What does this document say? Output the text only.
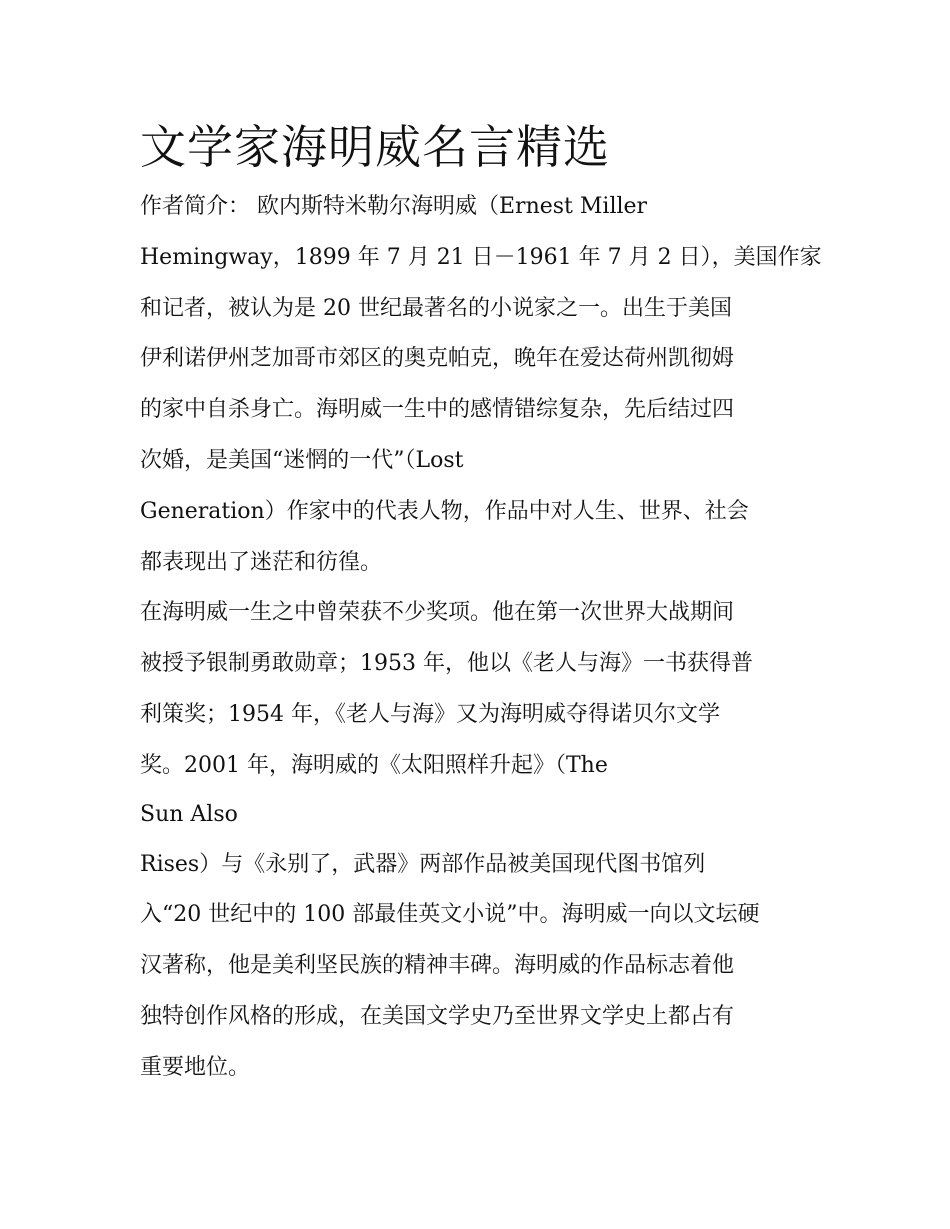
文学家海明威名言精选
作者简介： 欧内斯特米勒尔海明威（Ernest Miller
Hemingway，1899 年 7 月 21 日－1961 年 7 月 2 日），美国作家
和记者，被认为是 20 世纪最著名的小说家之一。出生于美国
伊利诺伊州芝加哥市郊区的奥克帕克，晚年在爱达荷州凯彻姆
的家中自杀身亡。海明威一生中的感情错综复杂，先后结过四
次婚，是美国“迷惘的一代”（Lost
Generation）作家中的代表人物，作品中对人生、世界、社会
都表现出了迷茫和彷徨。
在海明威一生之中曾荣获不少奖项。他在第一次世界大战期间
被授予银制勇敢勋章；1953 年，他以《老人与海》一书获得普
利策奖；1954 年，《老人与海》又为海明威夺得诺贝尔文学
奖。2001 年，海明威的《太阳照样升起》（The
Sun Also
Rises）与《永别了，武器》两部作品被美国现代图书馆列
入“20 世纪中的 100 部最佳英文小说”中。海明威一向以文坛硬
汉著称，他是美利坚民族的精神丰碑。海明威的作品标志着他
独特创作风格的形成，在美国文学史乃至世界文学史上都占有
重要地位。
